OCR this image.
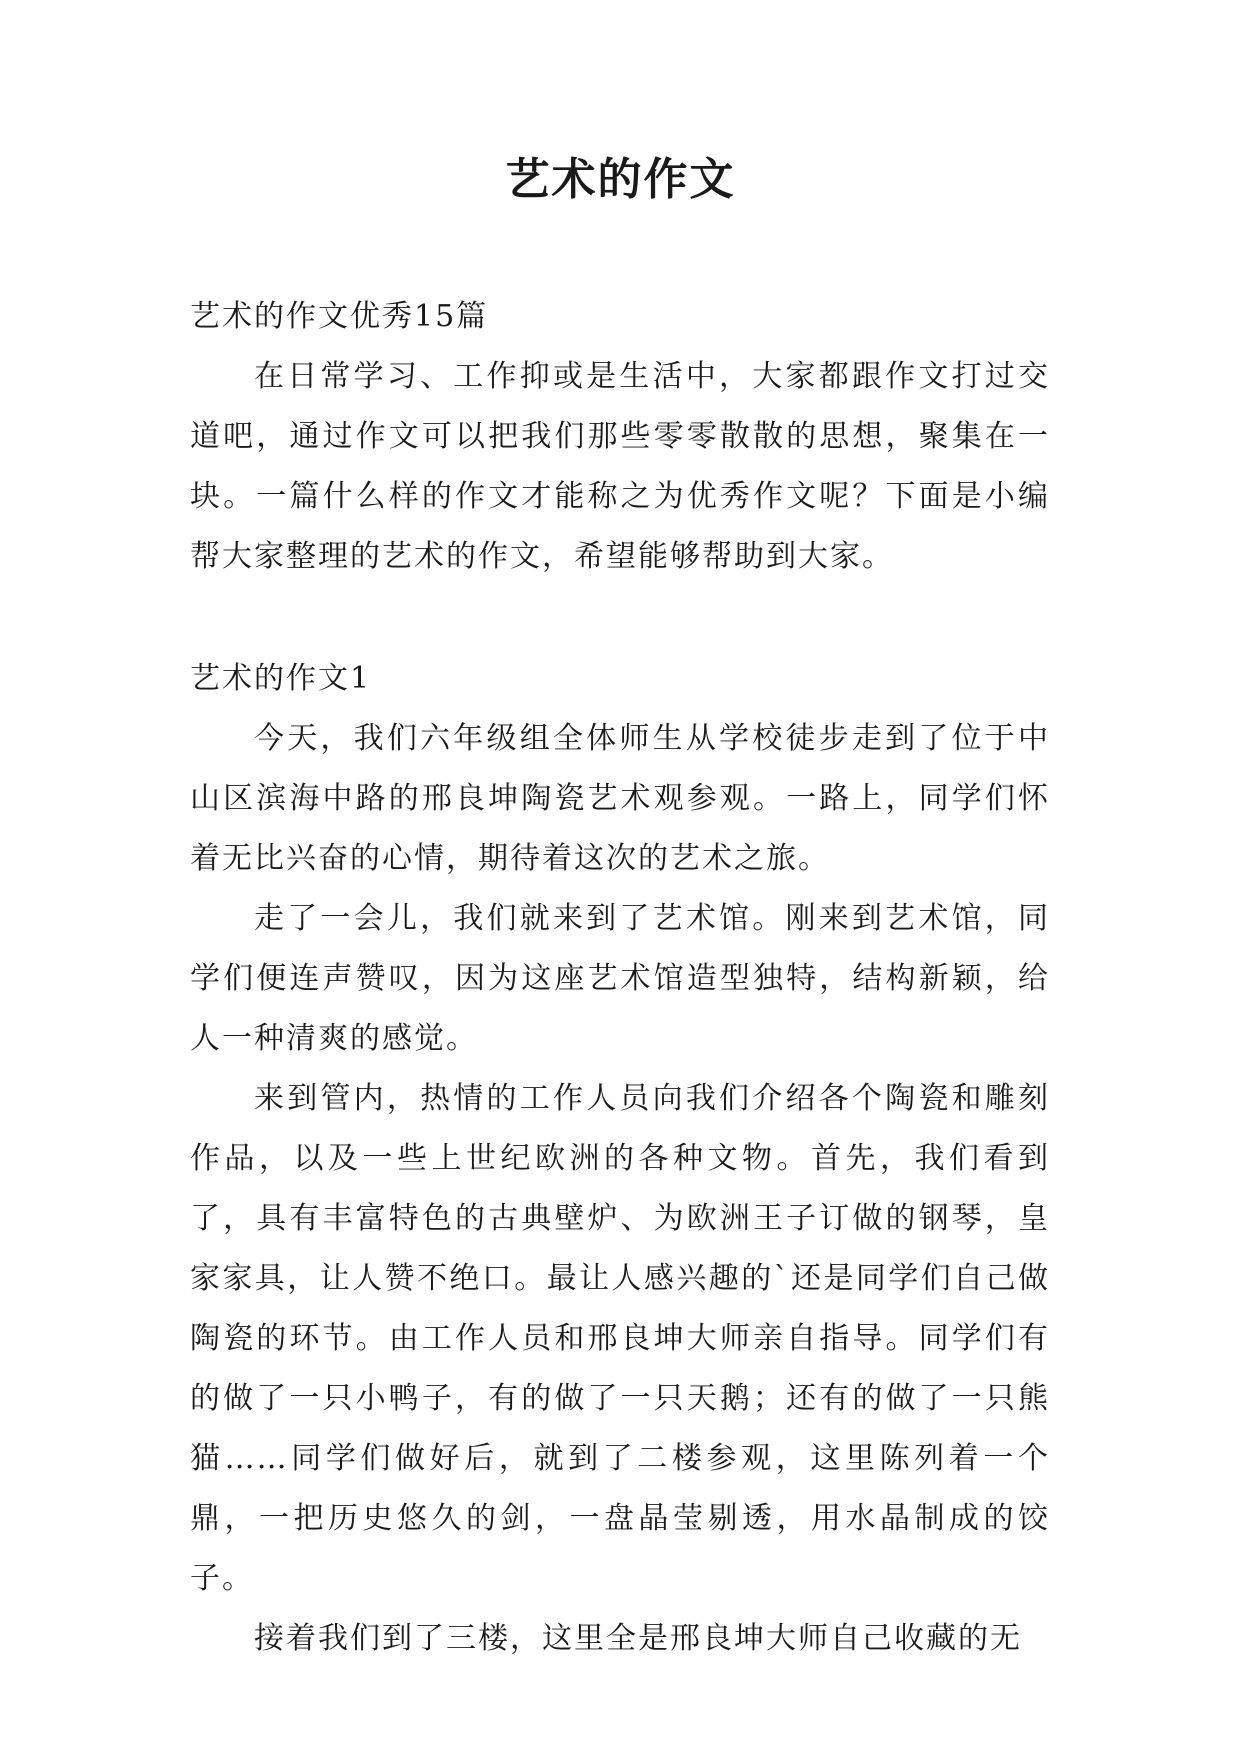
艺术的作文

艺术的作文优秀15篇

在日常学习、工作抑或是生活中，大家都跟作文打过交道吧，通过作文可以把我们那些零零散散的思想，聚集在一块。一篇什么样的作文才能称之为优秀作文呢？下面是小编帮大家整理的艺术的作文，希望能够帮助到大家。

艺术的作文1

今天，我们六年级组全体师生从学校徒步走到了位于中山区滨海中路的邢良坤陶瓷艺术观参观。一路上，同学们怀着无比兴奋的心情，期待着这次的艺术之旅。

走了一会儿，我们就来到了艺术馆。刚来到艺术馆，同学们便连声赞叹，因为这座艺术馆造型独特，结构新颖，给人一种清爽的感觉。

来到管内，热情的工作人员向我们介绍各个陶瓷和雕刻作品，以及一些上世纪欧洲的各种文物。首先，我们看到了，具有丰富特色的古典壁炉、为欧洲王子订做的钢琴，皇家家具，让人赞不绝口。最让人感兴趣的`还是同学们自己做陶瓷的环节。由工作人员和邢良坤大师亲自指导。同学们有的做了一只小鸭子，有的做了一只天鹅；还有的做了一只熊猫……同学们做好后，就到了二楼参观，这里陈列着一个鼎，一把历史悠久的剑，一盘晶莹剔透，用水晶制成的饺子。

接着我们到了三楼，这里全是邢良坤大师自己收藏的无
